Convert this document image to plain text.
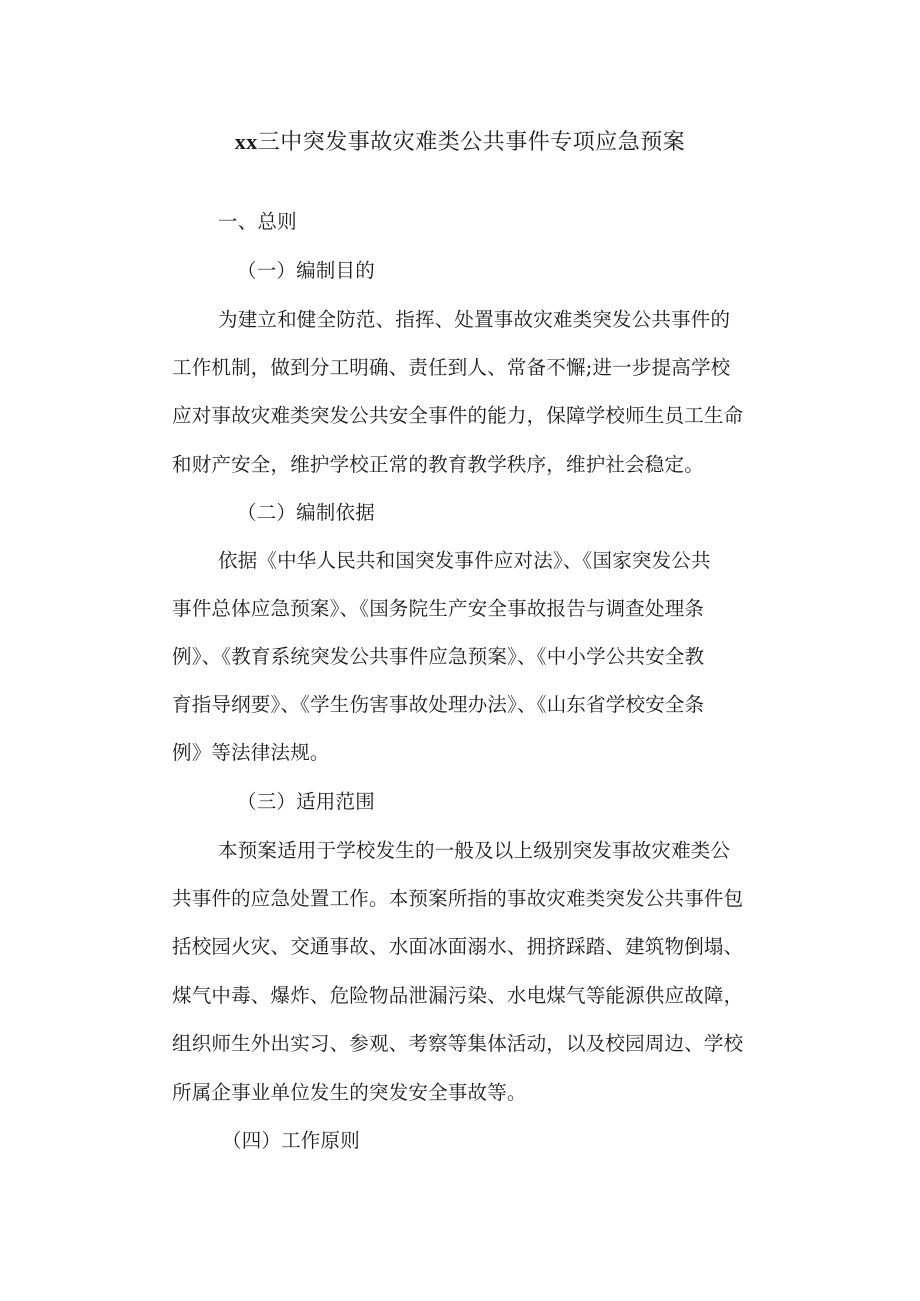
xx三中突发事故灾难类公共事件专项应急预案
一、总则
（一）编制目的
为建立和健全防范、指挥、处置事故灾难类突发公共事件的
工作机制，做到分工明确、责任到人、常备不懈;进一步提高学校
应对事故灾难类突发公共安全事件的能力，保障学校师生员工生命
和财产安全，维护学校正常的教育教学秩序，维护社会稳定。
（二）编制依据
依据《中华人民共和国突发事件应对法》、《国家突发公共
事件总体应急预案》、《国务院生产安全事故报告与调查处理条
例》、《教育系统突发公共事件应急预案》、《中小学公共安全教
育指导纲要》、《学生伤害事故处理办法》、《山东省学校安全条
例》等法律法规。
（三）适用范围
本预案适用于学校发生的一般及以上级别突发事故灾难类公
共事件的应急处置工作。本预案所指的事故灾难类突发公共事件包
括校园火灾、交通事故、水面冰面溺水、拥挤踩踏、建筑物倒塌、
煤气中毒、爆炸、危险物品泄漏污染、水电煤气等能源供应故障，
组织师生外出实习、参观、考察等集体活动，以及校园周边、学校
所属企事业单位发生的突发安全事故等。
（四）工作原则
